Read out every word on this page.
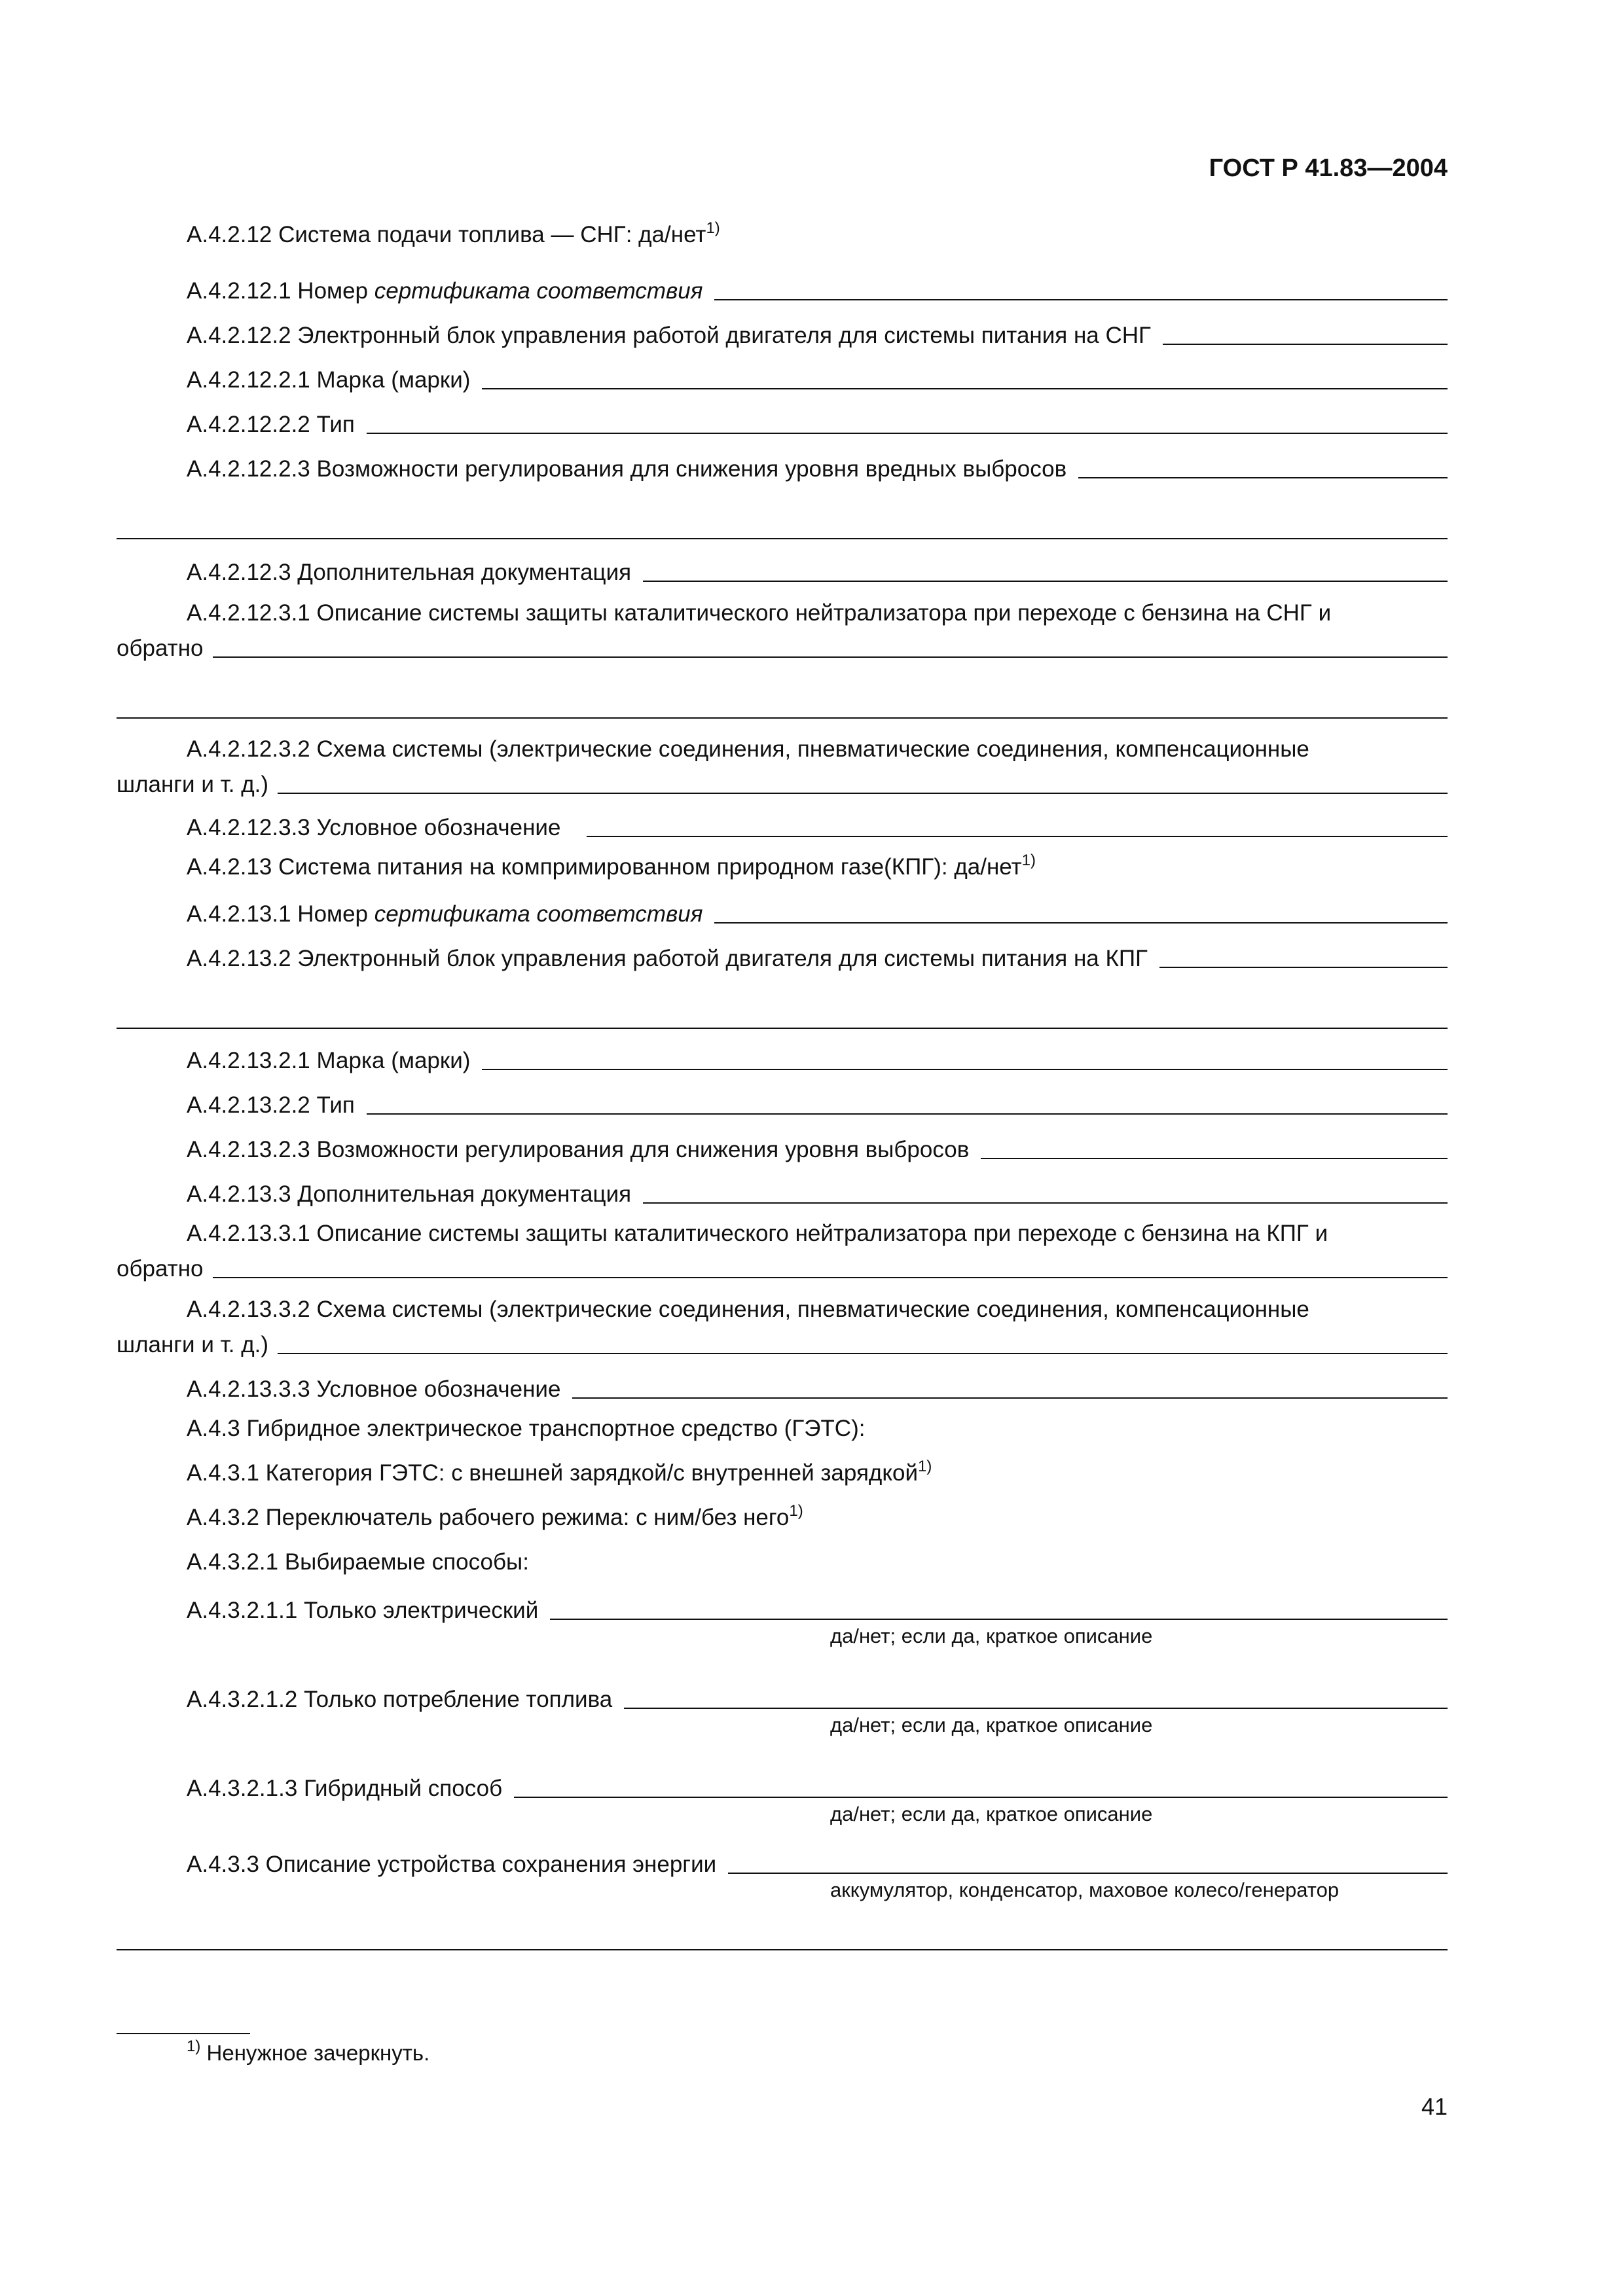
ГОСТ Р 41.83—2004
А.4.2.12 Система подачи топлива — СНГ: да/нет$^{1)}$
А.4.2.12.1 Номер сертификата соответствия
А.4.2.12.2 Электронный блок управления работой двигателя для системы питания на СНГ
А.4.2.12.2.1 Марка (марки)
А.4.2.12.2.2 Тип
А.4.2.12.2.3 Возможности регулирования для снижения уровня вредных выбросов
А.4.2.12.3 Дополнительная документация
А.4.2.12.3.1 Описание системы защиты каталитического нейтрализатора при переходе с бензина на СНГ и
обратно
А.4.2.12.3.2 Схема системы (электрические соединения, пневматические соединения, компенсационные
шланги и т. д.)
А.4.2.12.3.3 Условное обозначение
А.4.2.13 Система питания на компримированном природном газе(КПГ): да/нет$^{1)}$
А.4.2.13.1 Номер сертификата соответствия
А.4.2.13.2 Электронный блок управления работой двигателя для системы питания на КПГ
А.4.2.13.2.1 Марка (марки)
А.4.2.13.2.2 Тип
А.4.2.13.2.3 Возможности регулирования для снижения уровня выбросов
А.4.2.13.3 Дополнительная документация
А.4.2.13.3.1 Описание системы защиты каталитического нейтрализатора при переходе с бензина на КПГ и
обратно
А.4.2.13.3.2 Схема системы (электрические соединения, пневматические соединения, компенсационные
шланги и т. д.)
А.4.2.13.3.3 Условное обозначение
А.4.3 Гибридное электрическое транспортное средство (ГЭТС):
А.4.3.1 Категория ГЭТС: с внешней зарядкой/с внутренней зарядкой$^{1)}$
А.4.3.2 Переключатель рабочего режима: с ним/без него$^{1)}$
А.4.3.2.1 Выбираемые способы:
А.4.3.2.1.1 Только электрический
да/нет; если да, краткое описание
А.4.3.2.1.2 Только потребление топлива
да/нет; если да, краткое описание
А.4.3.2.1.3 Гибридный способ
да/нет; если да, краткое описание
А.4.3.3 Описание устройства сохранения энергии
аккумулятор, конденсатор, маховое колесо/генератор
$^{1)}$ Ненужное зачеркнуть.
41
